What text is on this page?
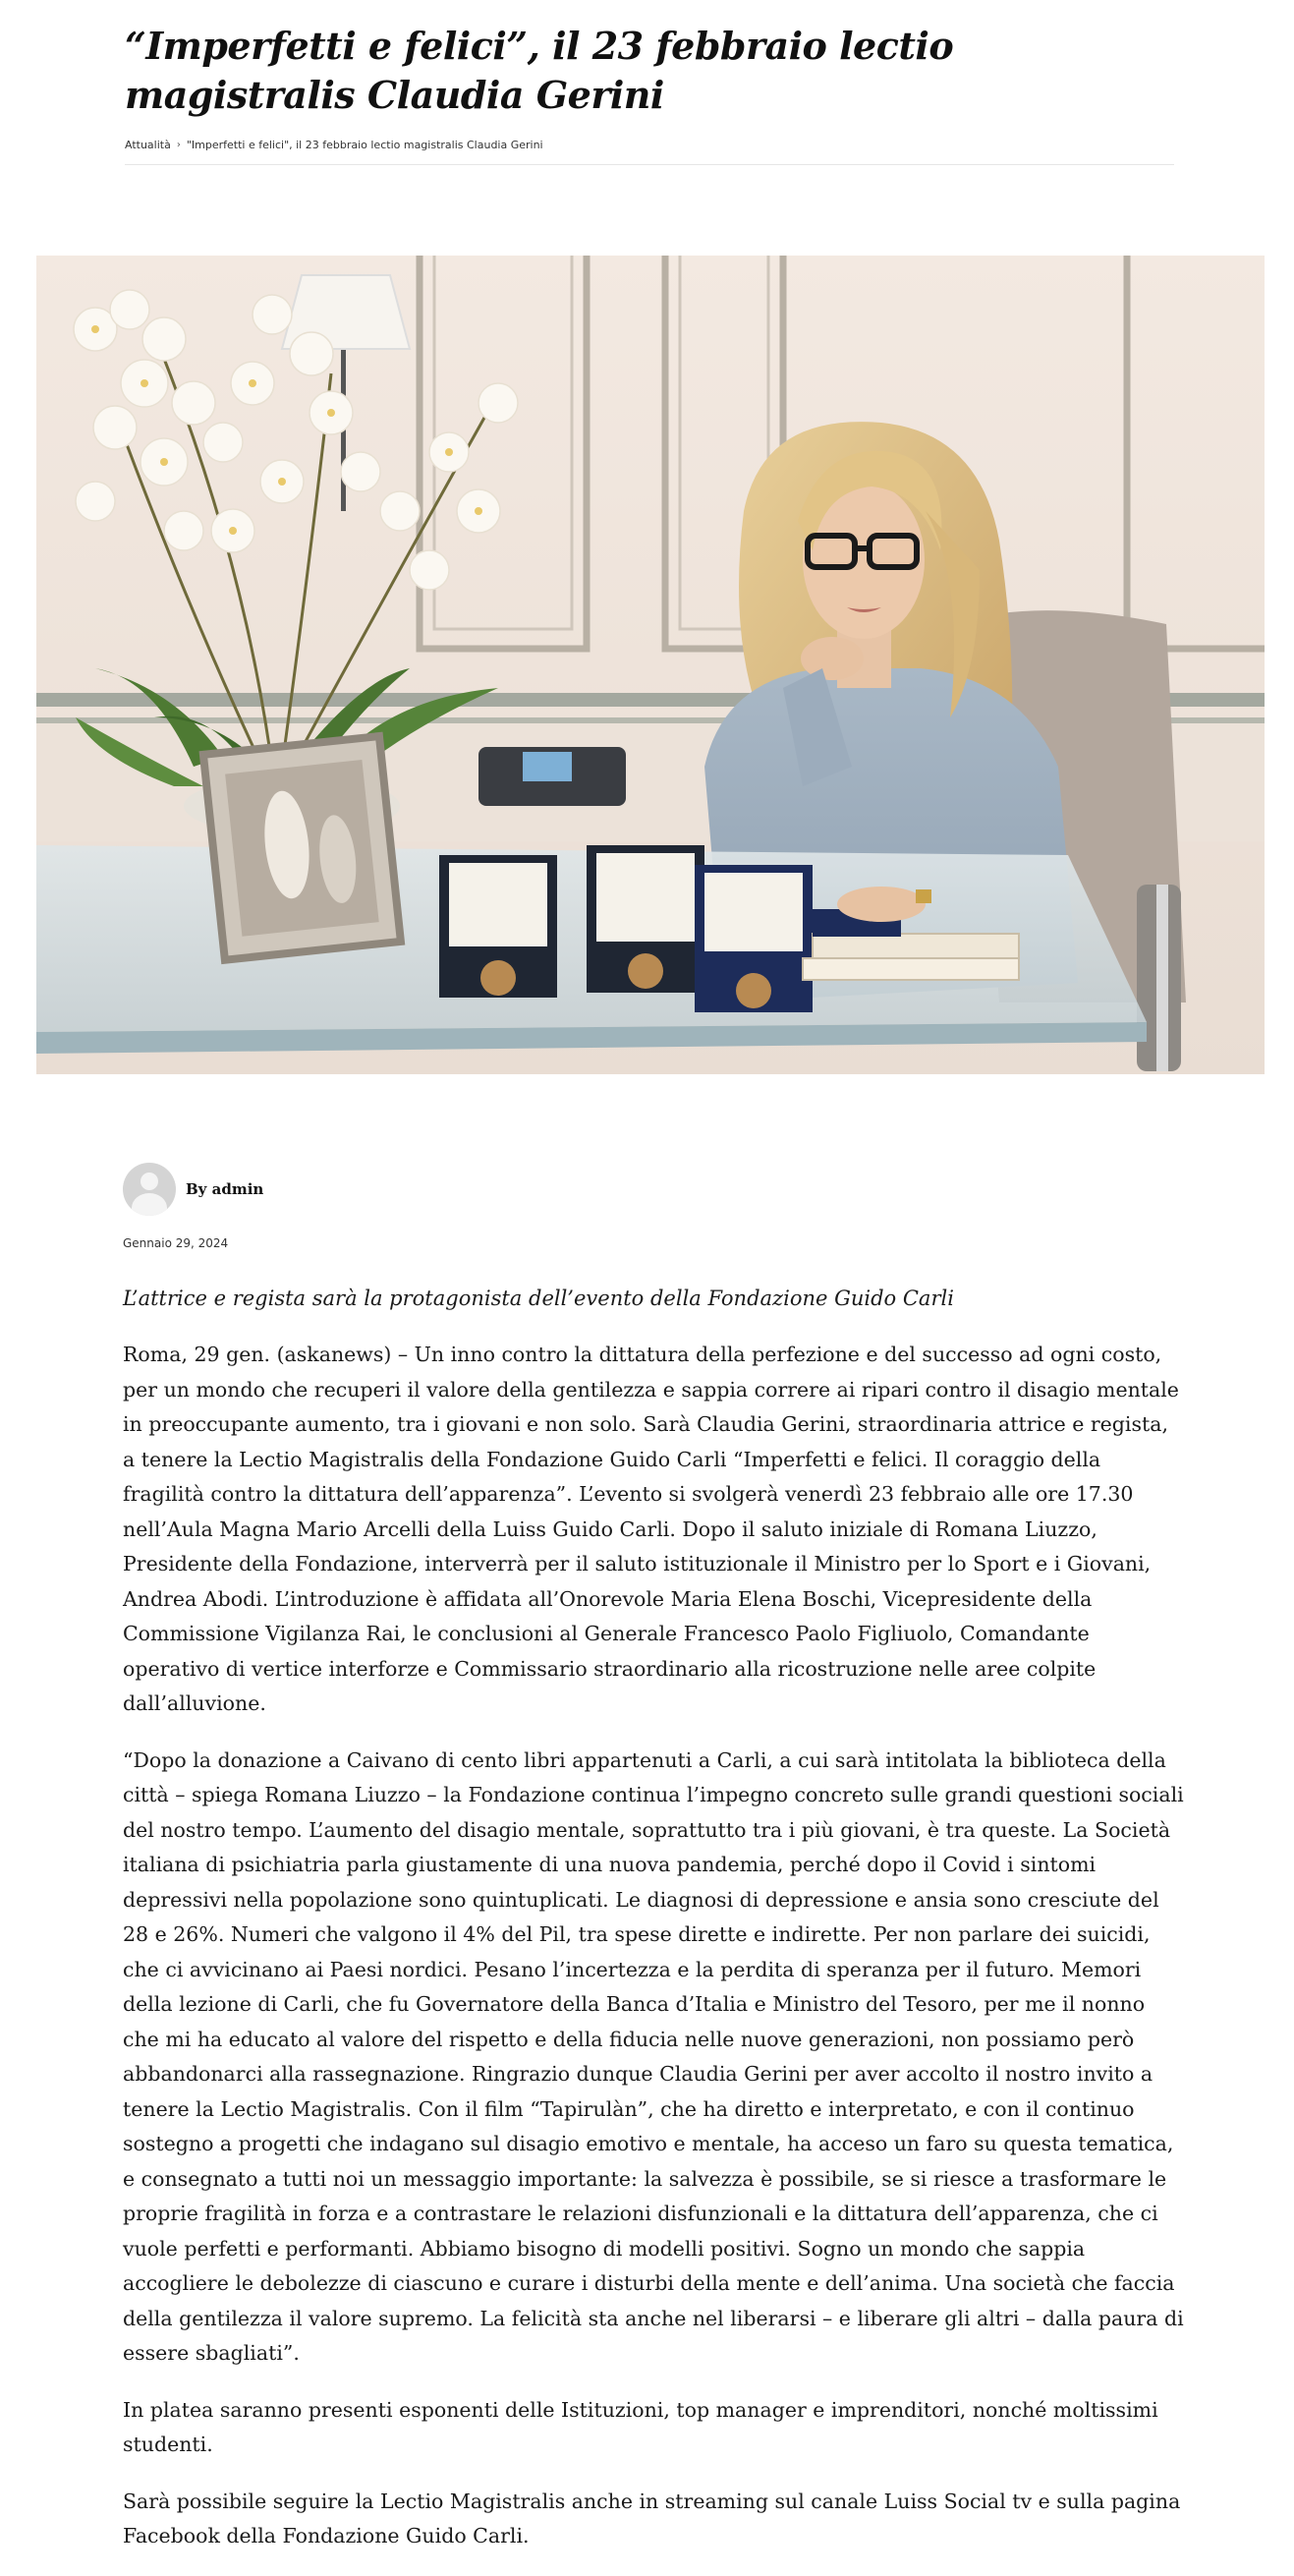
“Imperfetti e felici”, il 23 febbraio lectio magistralis Claudia Gerini
Attualità › "Imperfetti e felici", il 23 febbraio lectio magistralis Claudia Gerini
By admin
Gennaio 29, 2024

L’attrice e regista sarà la protagonista dell’evento della Fondazione Guido Carli

Roma, 29 gen. (askanews) – Un inno contro la dittatura della perfezione e del successo ad ogni costo, per un mondo che recuperi il valore della gentilezza e sappia correre ai ripari contro il disagio mentale in preoccupante aumento, tra i giovani e non solo. Sarà Claudia Gerini, straordinaria attrice e regista, a tenere la Lectio Magistralis della Fondazione Guido Carli “Imperfetti e felici. Il coraggio della fragilità contro la dittatura dell’apparenza”. L’evento si svolgerà venerdì 23 febbraio alle ore 17.30 nell’Aula Magna Mario Arcelli della Luiss Guido Carli. Dopo il saluto iniziale di Romana Liuzzo, Presidente della Fondazione, interverrà per il saluto istituzionale il Ministro per lo Sport e i Giovani, Andrea Abodi. L’introduzione è affidata all’Onorevole Maria Elena Boschi, Vicepresidente della Commissione Vigilanza Rai, le conclusioni al Generale Francesco Paolo Figliuolo, Comandante operativo di vertice interforze e Commissario straordinario alla ricostruzione nelle aree colpite dall’alluvione.

“Dopo la donazione a Caivano di cento libri appartenuti a Carli, a cui sarà intitolata la biblioteca della città – spiega Romana Liuzzo – la Fondazione continua l’impegno concreto sulle grandi questioni sociali del nostro tempo. L’aumento del disagio mentale, soprattutto tra i più giovani, è tra queste. La Società italiana di psichiatria parla giustamente di una nuova pandemia, perché dopo il Covid i sintomi depressivi nella popolazione sono quintuplicati. Le diagnosi di depressione e ansia sono cresciute del 28 e 26%. Numeri che valgono il 4% del Pil, tra spese dirette e indirette. Per non parlare dei suicidi, che ci avvicinano ai Paesi nordici. Pesano l’incertezza e la perdita di speranza per il futuro. Memori della lezione di Carli, che fu Governatore della Banca d’Italia e Ministro del Tesoro, per me il nonno che mi ha educato al valore del rispetto e della fiducia nelle nuove generazioni, non possiamo però abbandonarci alla rassegnazione. Ringrazio dunque Claudia Gerini per aver accolto il nostro invito a tenere la Lectio Magistralis. Con il film “Tapirulàn”, che ha diretto e interpretato, e con il continuo sostegno a progetti che indagano sul disagio emotivo e mentale, ha acceso un faro su questa tematica, e consegnato a tutti noi un messaggio importante: la salvezza è possibile, se si riesce a trasformare le proprie fragilità in forza e a contrastare le relazioni disfunzionali e la dittatura dell’apparenza, che ci vuole perfetti e performanti. Abbiamo bisogno di modelli positivi. Sogno un mondo che sappia accogliere le debolezze di ciascuno e curare i disturbi della mente e dell’anima. Una società che faccia della gentilezza il valore supremo. La felicità sta anche nel liberarsi – e liberare gli altri – dalla paura di essere sbagliati”.

In platea saranno presenti esponenti delle Istituzioni, top manager e imprenditori, nonché moltissimi studenti.

Sarà possibile seguire la Lectio Magistralis anche in streaming sul canale Luiss Social tv e sulla pagina Facebook della Fondazione Guido Carli.
